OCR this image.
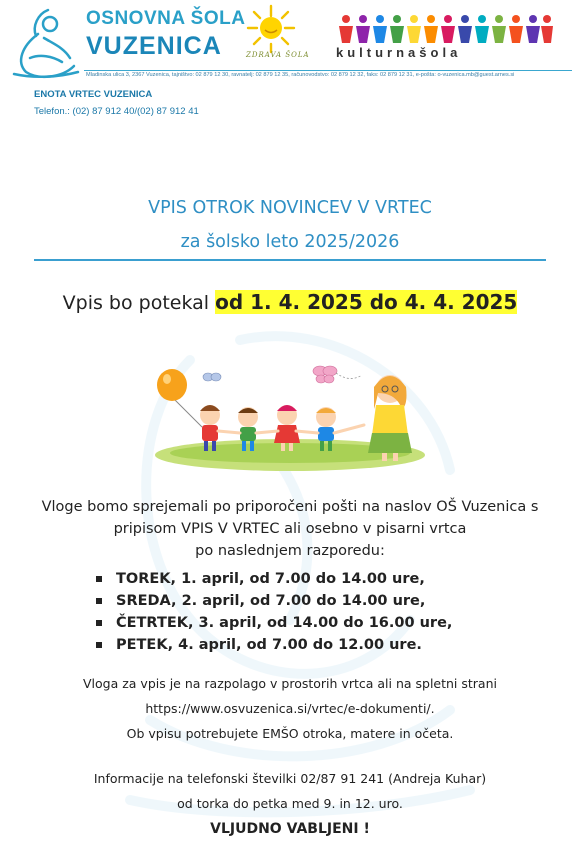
OSNOVNA ŠOLA
VUZENICA	ZDRAVA ŠOLA kulturnašola
Mladinska ulica 3, 2367 Vuzenica, tajništvo: 02 879 12 30, ravnatelj: 02 879 12 35, računovodstvo: 02 879 12 32, faks: 02 879 12 31, e-pošta: o-vuzenica.mb@guest.arnes.si
ENOTA VRTEC VUZENICA
Telefon.: (02) 87 912 40/(02) 87 912 41
VPIS OTROK NOVINCEV V VRTEC
za šolsko leto 2025/2026
Vpis bo potekal od 1. 4. 2025 do 4. 4. 2025
Vloge bomo sprejemali po priporočeni pošti na naslov OŠ Vuzenica s
pripisom VPIS V VRTEC ali osebno v pisarni vrtca
po naslednjem razporedu:
TOREK, 1. april, od 7.00 do 14.00 ure,
SREDA, 2. april, od 7.00 do 14.00 ure,
ČETRTEK, 3. april, od 14.00 do 16.00 ure,
PETEK, 4. april, od 7.00 do 12.00 ure.
Vloga za vpis je na razpolago v prostorih vrtca ali na spletni strani
https://www.osvuzenica.si/vrtec/e-dokumenti/.
Ob vpisu potrebujete EMŠO otroka, matere in očeta.
Informacije na telefonski številki 02/87 91 241 (Andreja Kuhar)
od torka do petka med 9. in 12. uro.
VLJUDNO VABLJENI !
